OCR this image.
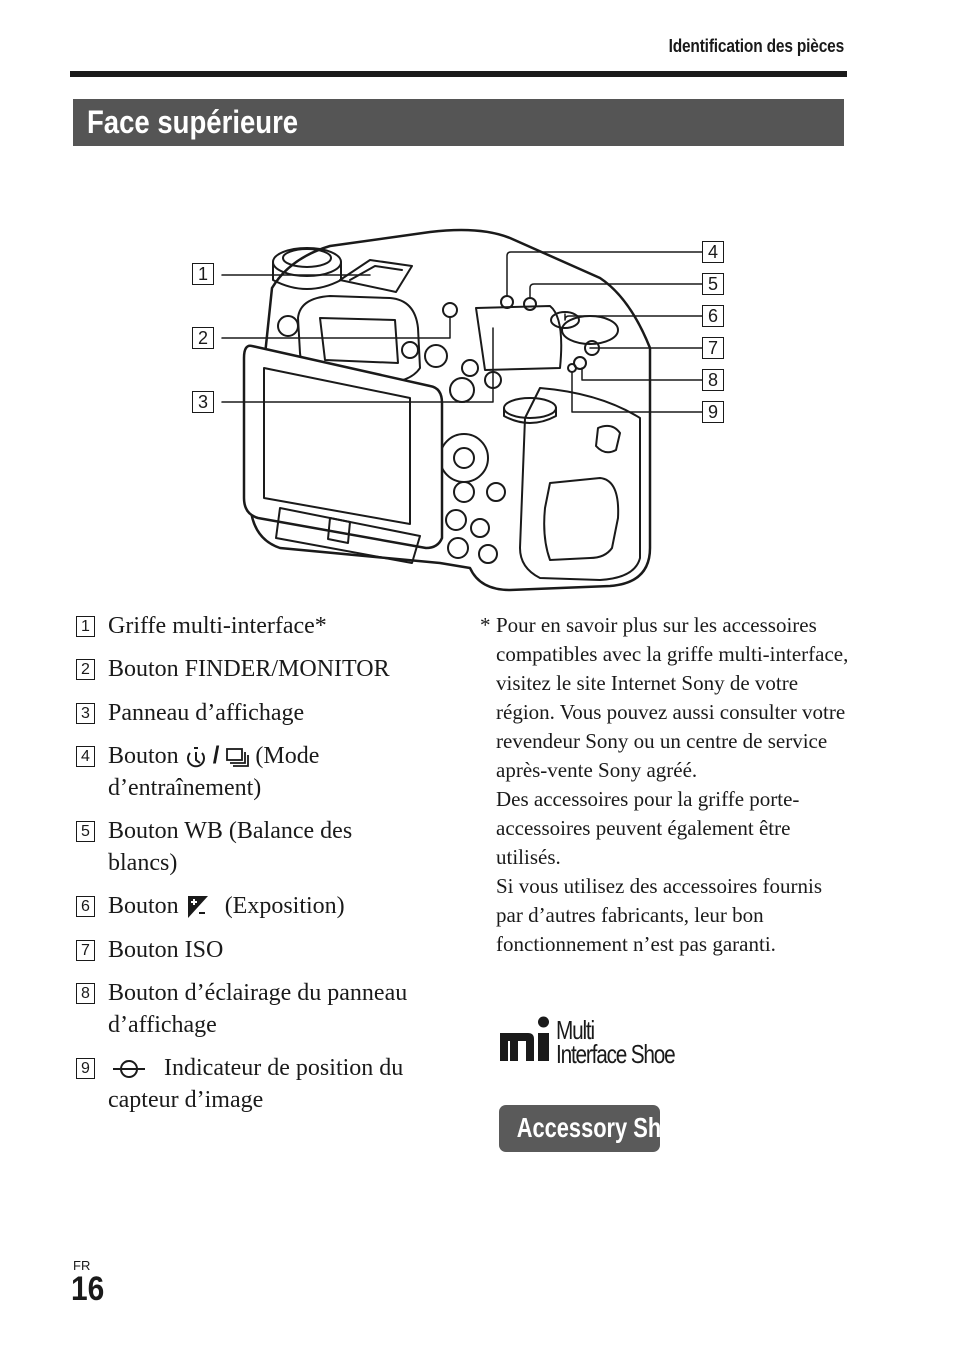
Identification des pièces
Face supérieure
1
2
3
4
5
6
7
8
9
1 Griffe multi-interface*
2 Bouton FINDER/MONITOR
3 Panneau d’affichage
4 Bouton / (Mode
d’entraînement)
5 Bouton WB (Balance des
blancs)
6 Bouton (Exposition)
7 Bouton ISO
8 Bouton d’éclairage du panneau
d’affichage
9	Indicateur de position du
capteur d’image
* Pour en savoir plus sur les accessoires compatibles avec la griffe multi-interface, visitez le site Internet Sony de votre région. Vous pouvez aussi consulter votre revendeur Sony ou un centre de service après-vente Sony agréé.

Des accessoires pour la griffe porte-accessoires peuvent également être utilisés.

Si vous utilisez des accessoires fournis par d’autres fabricants, leur bon fonctionnement n’est pas garanti.

Multi
Interface Shoe
Accessory Shoe
FR
16
